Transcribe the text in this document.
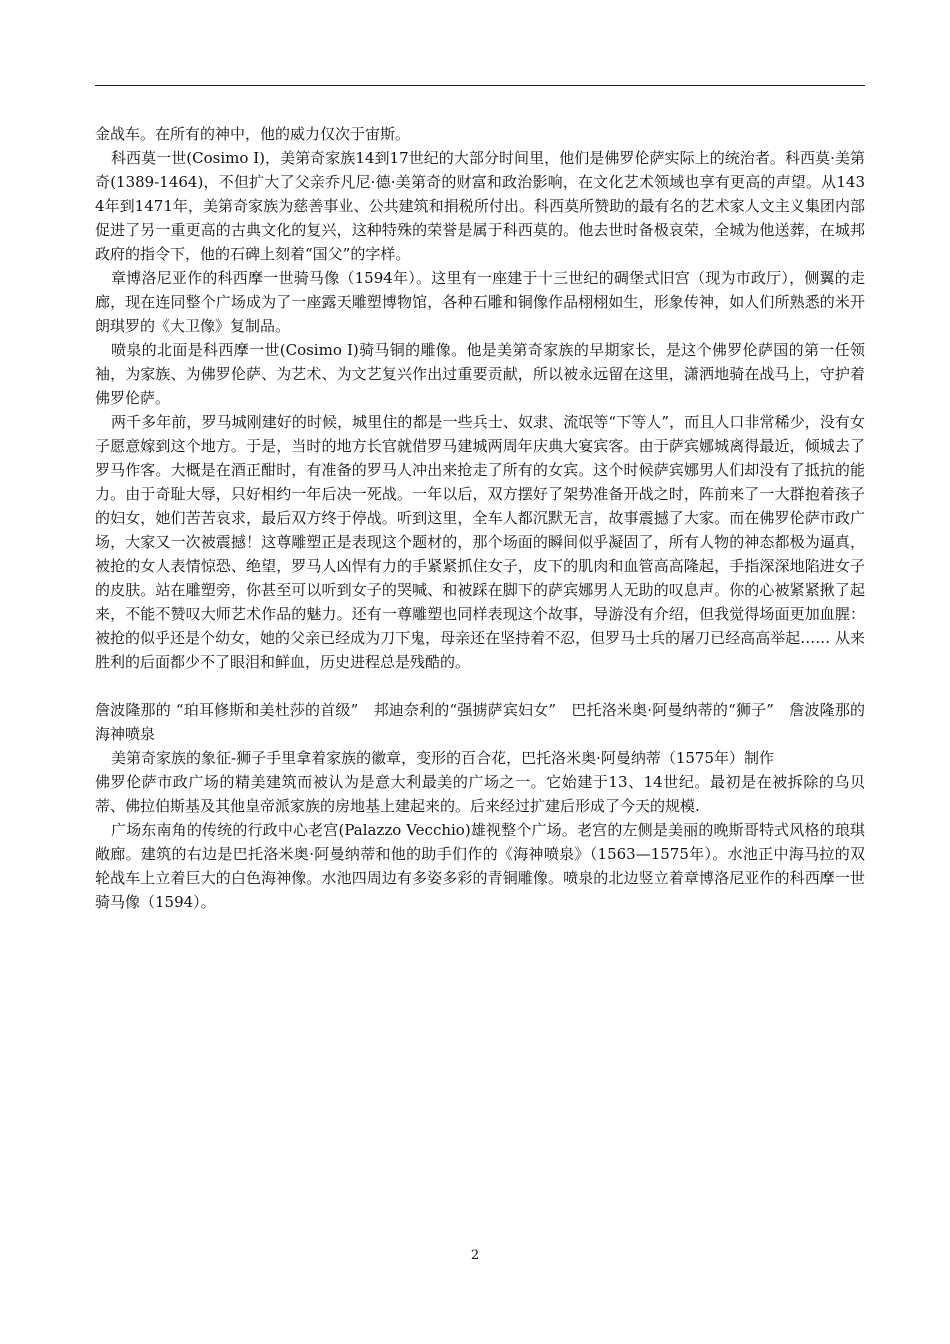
金战车。在所有的神中，他的威力仅次于宙斯。

科西莫一世(Cosimo I)，美第奇家族14到17世纪的大部分时间里，他们是佛罗伦萨实际上的统治者。科西莫·美第奇(1389-1464)，不但扩大了父亲乔凡尼·德·美第奇的财富和政治影响，在文化艺术领域也享有更高的声望。从1434年到1471年，美第奇家族为慈善事业、公共建筑和捐税所付出。科西莫所赞助的最有名的艺术家人文主义集团内部促进了另一重更高的古典文化的复兴，这种特殊的荣誉是属于科西莫的。他去世时备极哀荣，全城为他送葬，在城邦政府的指令下，他的石碑上刻着“国父”的字样。

章博洛尼亚作的科西摩一世骑马像（1594年）。这里有一座建于十三世纪的碉堡式旧宫（现为市政厅），侧翼的走廊，现在连同整个广场成为了一座露天雕塑博物馆，各种石雕和铜像作品栩栩如生，形象传神，如人们所熟悉的米开朗琪罗的《大卫像》复制品。

喷泉的北面是科西摩一世(Cosimo I)骑马铜的雕像。他是美第奇家族的早期家长，是这个佛罗伦萨国的第一任领袖，为家族、为佛罗伦萨、为艺术、为文艺复兴作出过重要贡献，所以被永远留在这里，潇洒地骑在战马上，守护着佛罗伦萨。

两千多年前，罗马城刚建好的时候，城里住的都是一些兵士、奴隶、流氓等“下等人”，而且人口非常稀少，没有女子愿意嫁到这个地方。于是，当时的地方长官就借罗马建城两周年庆典大宴宾客。由于萨宾娜城离得最近，倾城去了罗马作客。大概是在酒正酣时，有准备的罗马人冲出来抢走了所有的女宾。这个时候萨宾娜男人们却没有了抵抗的能力。由于奇耻大辱，只好相约一年后决一死战。一年以后，双方摆好了架势准备开战之时，阵前来了一大群抱着孩子的妇女，她们苦苦哀求，最后双方终于停战。听到这里，全车人都沉默无言，故事震撼了大家。而在佛罗伦萨市政广场，大家又一次被震撼！这尊雕塑正是表现这个题材的，那个场面的瞬间似乎凝固了，所有人物的神态都极为逼真，被抢的女人表情惊恐、绝望，罗马人凶悍有力的手紧紧抓住女子，皮下的肌肉和血管高高隆起，手指深深地陷进女子的皮肤。站在雕塑旁，你甚至可以听到女子的哭喊、和被踩在脚下的萨宾娜男人无助的叹息声。你的心被紧紧揪了起来，不能不赞叹大师艺术作品的魅力。还有一尊雕塑也同样表现这个故事，导游没有介绍，但我觉得场面更加血腥：被抢的似乎还是个幼女，她的父亲已经成为刀下鬼，母亲还在坚持着不忍，但罗马士兵的屠刀已经高高举起…… 从来胜利的后面都少不了眼泪和鲜血，历史进程总是残酷的。

詹波隆那的 “珀耳修斯和美杜莎的首级”　邦迪奈利的“强掳萨宾妇女”　巴托洛米奥·阿曼纳蒂的“狮子”　詹波隆那的海神喷泉

美第奇家族的象征-狮子手里拿着家族的徽章，变形的百合花，巴托洛米奥·阿曼纳蒂（1575年）制作

佛罗伦萨市政广场的精美建筑而被认为是意大利最美的广场之一。它始建于13、14世纪。最初是在被拆除的乌贝蒂、佛拉伯斯基及其他皇帝派家族的房地基上建起来的。后来经过扩建后形成了今天的规模.

广场东南角的传统的行政中心老宫(Palazzo Vecchio)雄视整个广场。老宫的左侧是美丽的晚斯哥特式风格的琅琪敞廊。建筑的右边是巴托洛米奥·阿曼纳蒂和他的助手们作的《海神喷泉》（1563—1575年）。水池正中海马拉的双轮战车上立着巨大的白色海神像。水池四周边有多姿多彩的青铜雕像。喷泉的北边竖立着章博洛尼亚作的科西摩一世骑马像（1594）。

2
